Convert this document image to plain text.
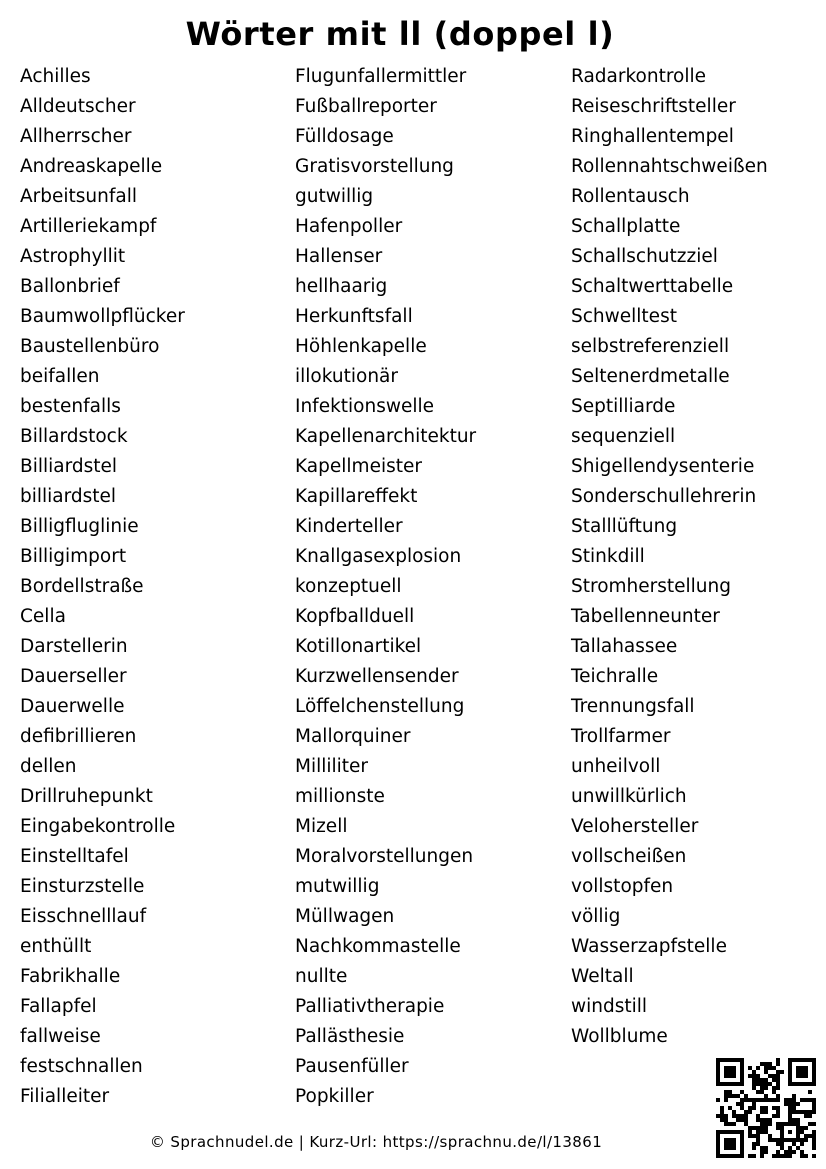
Wörter mit ll (doppel l)
Achilles
Alldeutscher
Allherrscher
Andreaskapelle
Arbeitsunfall
Artilleriekampf
Astrophyllit
Ballonbrief
Baumwollpflücker
Baustellenbüro
beifallen
bestenfalls
Billardstock
Billiardstel
billiardstel
Billigfluglinie
Billigimport
Bordellstraße
Cella
Darstellerin
Dauerseller
Dauerwelle
defibrillieren
dellen
Drillruhepunkt
Eingabekontrolle
Einstelltafel
Einsturzstelle
Eisschnelllauf
enthüllt
Fabrikhalle
Fallapfel
fallweise
festschnallen
Filialleiter
Flugunfallermittler
Fußballreporter
Fülldosage
Gratisvorstellung
gutwillig
Hafenpoller
Hallenser
hellhaarig
Herkunftsfall
Höhlenkapelle
illokutionär
Infektionswelle
Kapellenarchitektur
Kapellmeister
Kapillareffekt
Kinderteller
Knallgasexplosion
konzeptuell
Kopfballduell
Kotillonartikel
Kurzwellensender
Löffelchenstellung
Mallorquiner
Milliliter
millionste
Mizell
Moralvorstellungen
mutwillig
Müllwagen
Nachkommastelle
nullte
Palliativtherapie
Pallästhesie
Pausenfüller
Popkiller
Radarkontrolle
Reiseschriftsteller
Ringhallentempel
Rollennahtschweißen
Rollentausch
Schallplatte
Schallschutzziel
Schaltwerttabelle
Schwelltest
selbstreferenziell
Seltenerdmetalle
Septilliarde
sequenziell
Shigellendysenterie
Sonderschullehrerin
Stalllüftung
Stinkdill
Stromherstellung
Tabellenneunter
Tallahassee
Teichralle
Trennungsfall
Trollfarmer
unheilvoll
unwillkürlich
Velohersteller
vollscheißen
vollstopfen
völlig
Wasserzapfstelle
Weltall
windstill
Wollblume

© Sprachnudel.de | Kurz-Url: https://sprachnu.de/l/13861
